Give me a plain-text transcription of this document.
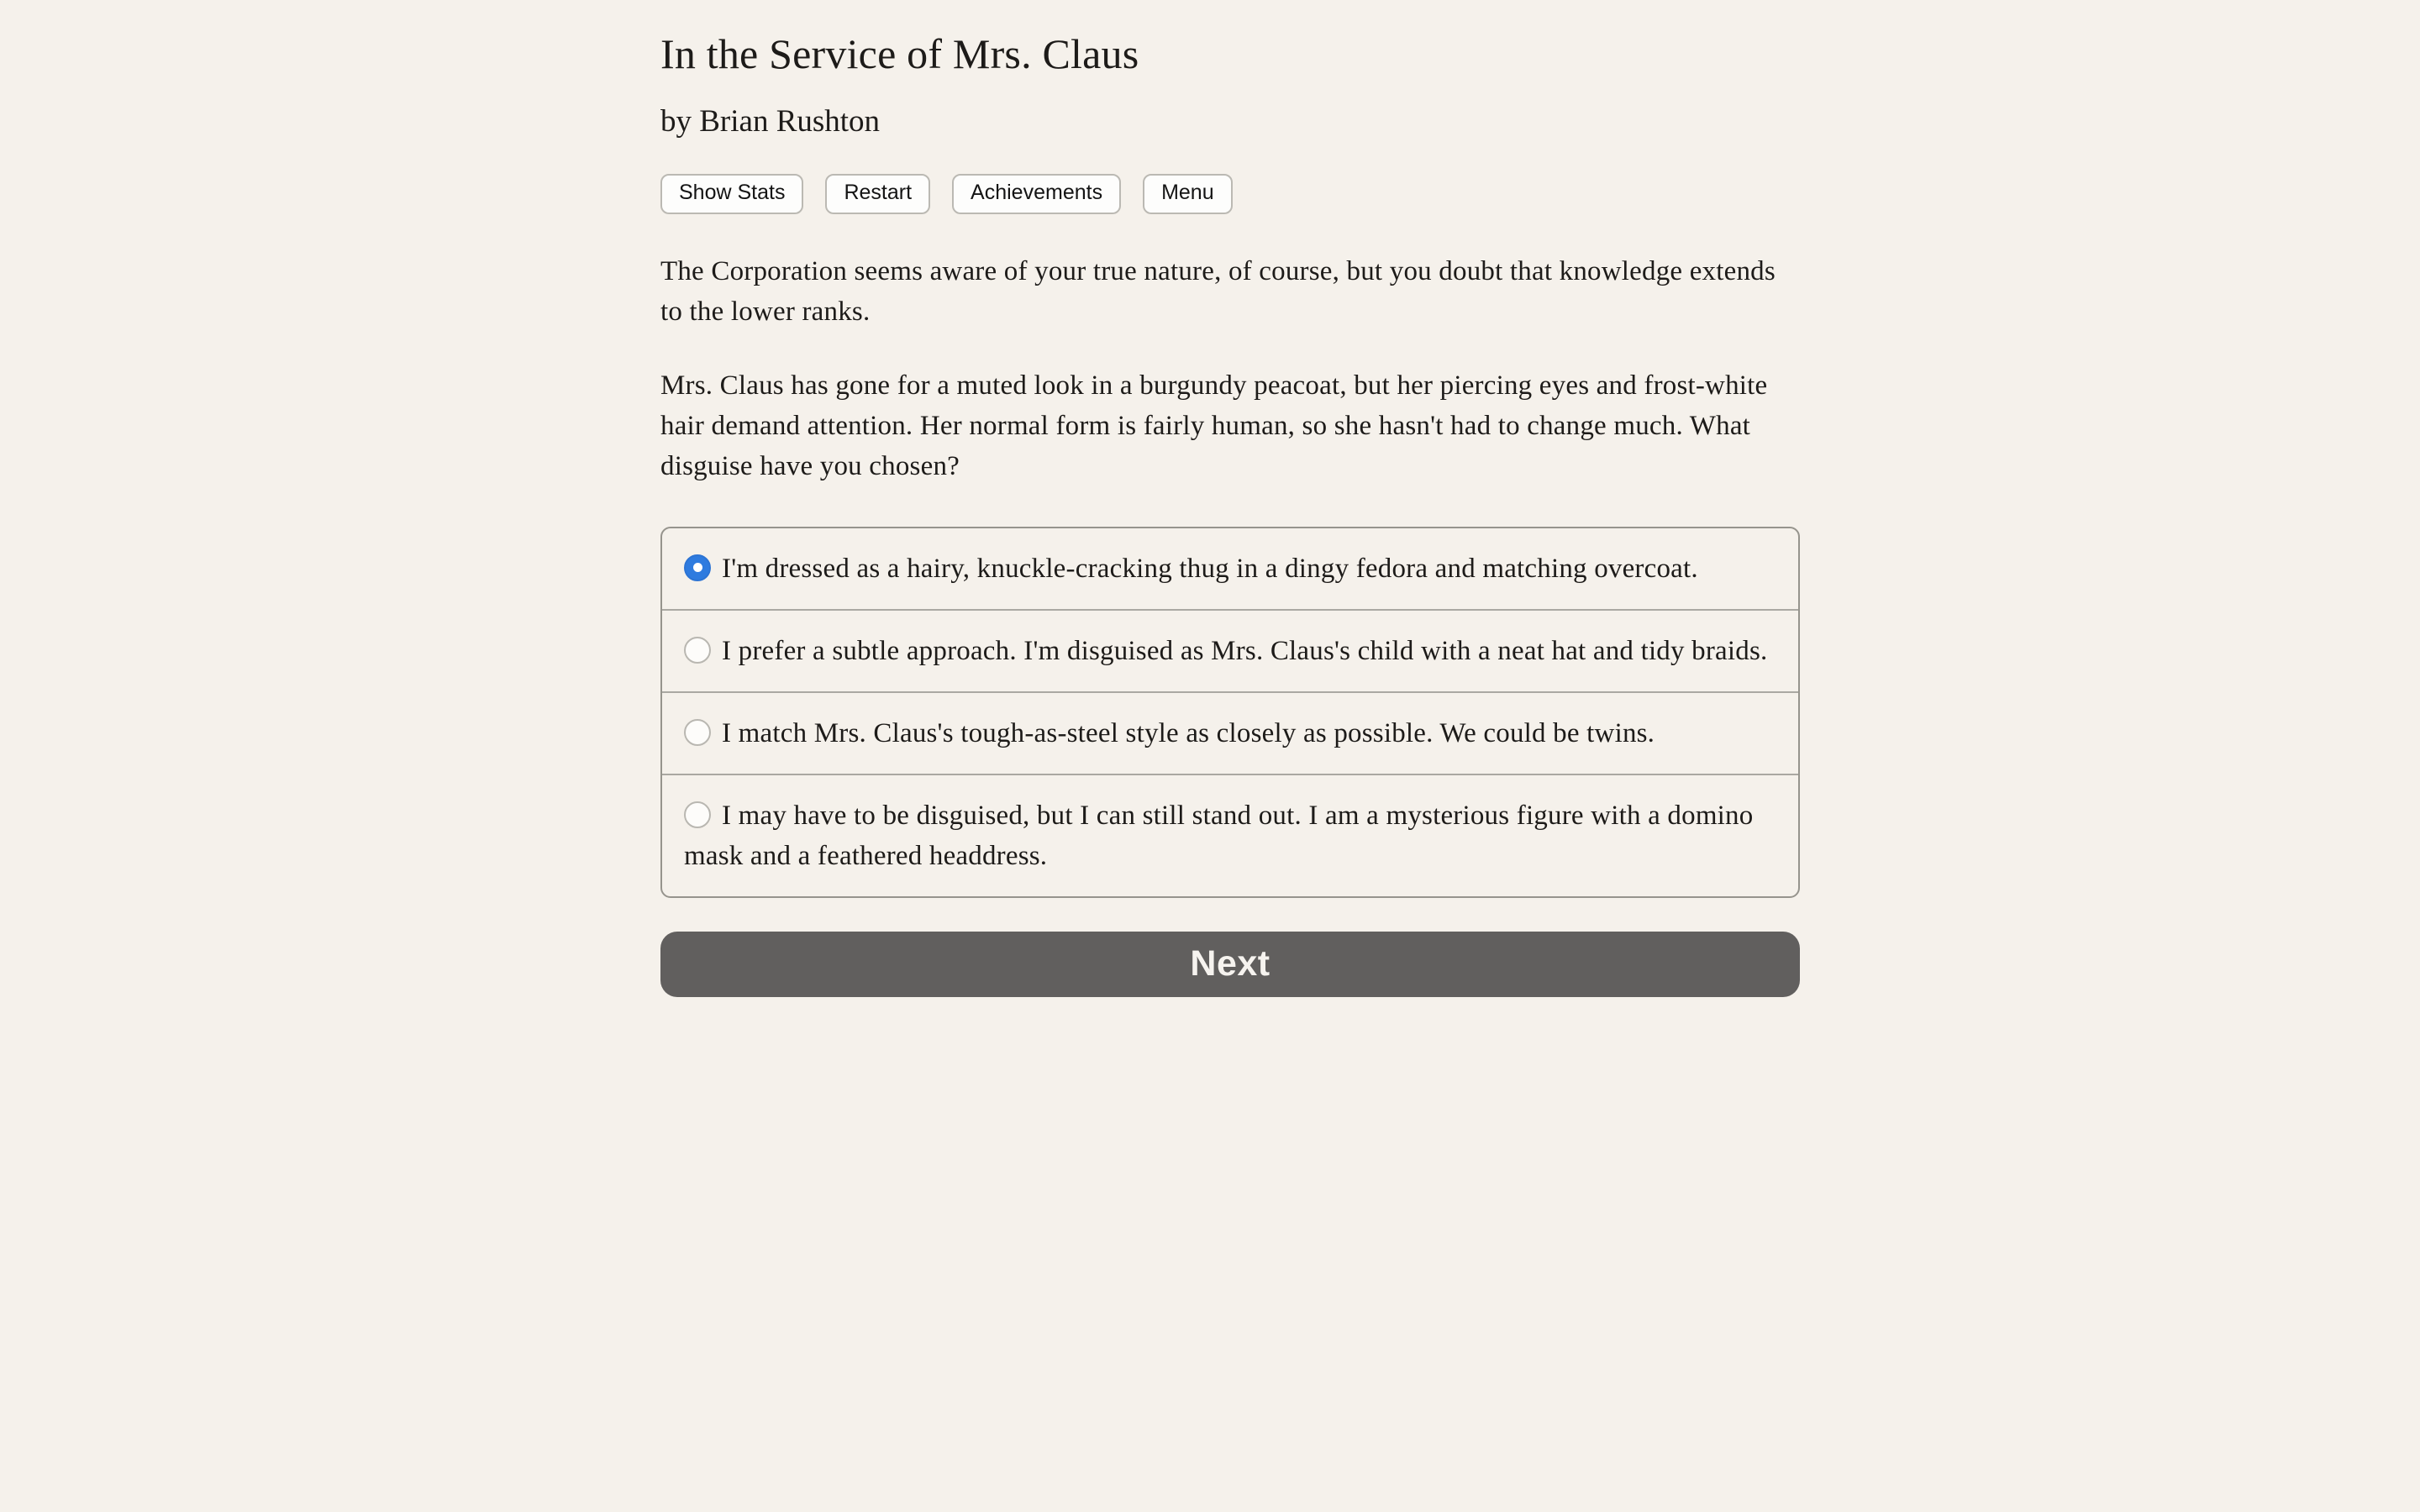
In the Service of Mrs. Claus
by Brian Rushton
Show Stats	Restart	Achievements	Menu

The Corporation seems aware of your true nature, of course, but you doubt that knowledge extends to the lower ranks.

Mrs. Claus has gone for a muted look in a burgundy peacoat, but her piercing eyes and frost-white hair demand attention. Her normal form is fairly human, so she hasn't had to change much. What disguise have you chosen?

I'm dressed as a hairy, knuckle-cracking thug in a dingy fedora and matching overcoat.
I prefer a subtle approach. I'm disguised as Mrs. Claus's child with a neat hat and tidy braids.
I match Mrs. Claus's tough-as-steel style as closely as possible. We could be twins.
I may have to be disguised, but I can still stand out. I am a mysterious figure with a domino mask and a feathered headdress.
Next
